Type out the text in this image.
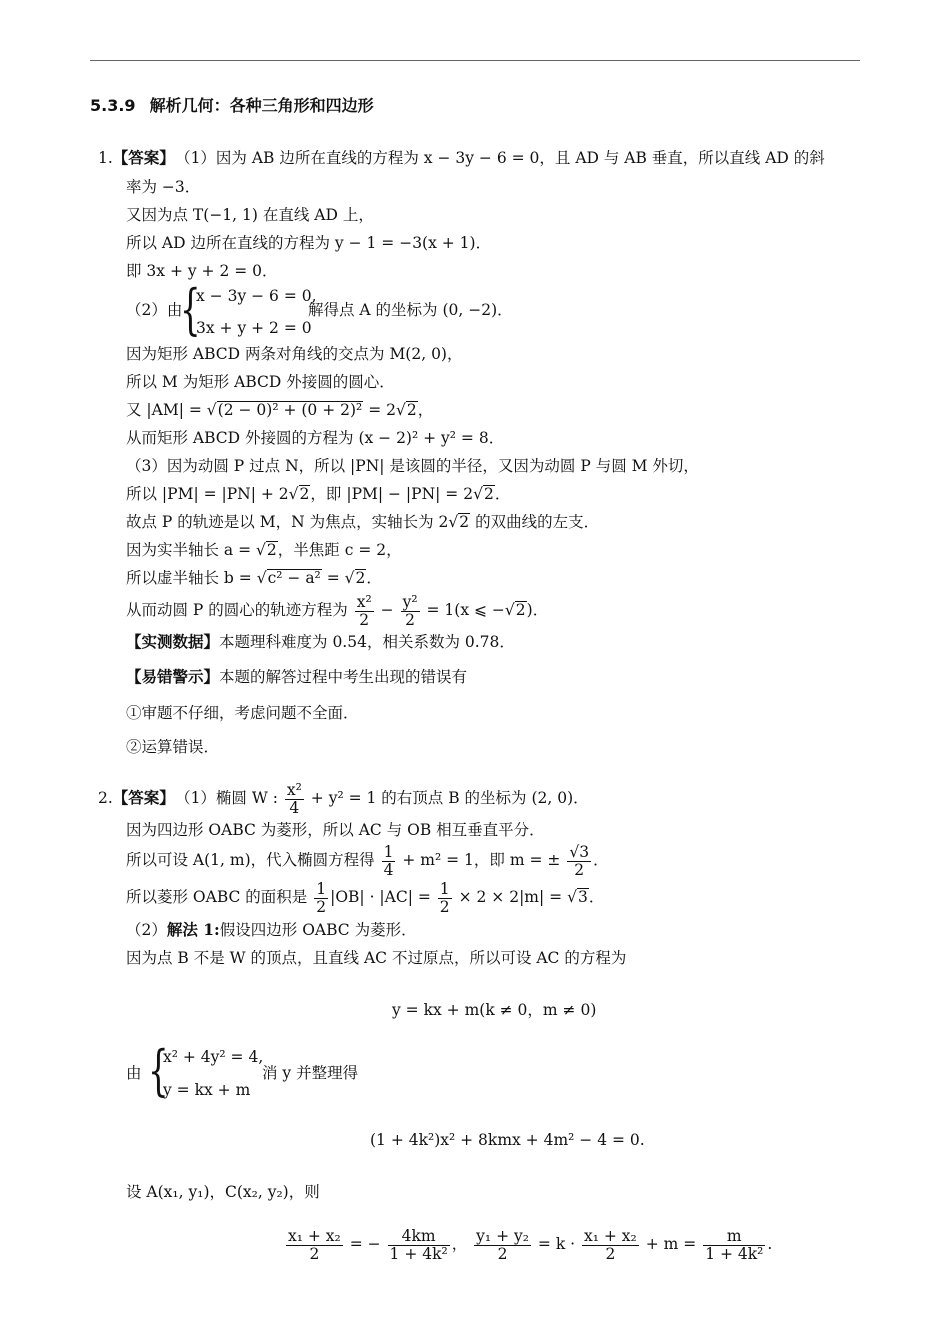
5.3.9 解析几何：各种三角形和四边形
1.【答案】 （1）因为 AB 边所在直线的方程为 x − 3y − 6 = 0，且 AD 与 AB 垂直，所以直线 AD 的斜
率为 −3．
又因为点 T(−1, 1) 在直线 AD 上，
所以 AD 边所在直线的方程为 y − 1 = −3(x + 1)．
即 3x + y + 2 = 0．
（2）由
{
x − 3y − 6 = 0,
3x + y + 2 = 0
解得点 A 的坐标为 (0, −2)．
因为矩形 ABCD 两条对角线的交点为 M(2, 0)，
所以 M 为矩形 ABCD 外接圆的圆心．
又 |AM| = √(2 − 0)² + (0 + 2)² = 2√2，
从而矩形 ABCD 外接圆的方程为 (x − 2)² + y² = 8．
（3）因为动圆 P 过点 N，所以 |PN| 是该圆的半径，又因为动圆 P 与圆 M 外切，
所以 |PM| = |PN| + 2√2，即 |PM| − |PN| = 2√2．
故点 P 的轨迹是以 M，N 为焦点，实轴长为 2√2 的双曲线的左支．
因为实半轴长 a = √2，半焦距 c = 2，
所以虚半轴长 b = √c² − a² = √2．
从而动圆 P 的圆心的轨迹方程为 $\frac{\text{x²}}{2} - \frac{\text{y²}}{2} = 1(x$ ⩽ −√2)．
【实测数据】本题理科难度为 0.54，相关系数为 0.78．
【易错警示】本题的解答过程中考生出现的错误有
①审题不仔细，考虑问题不全面．
②运算错误．
2.【答案】 （1）椭圆 W : $\frac{\text{x²}}{4} + y^2 = 1$ 的右顶点 B 的坐标为 (2, 0)．
因为四边形 OABC 为菱形，所以 AC 与 OB 相互垂直平分．
所以可设 A(1, m)，代入椭圆方程得 $\frac{1}{4} + m^2 = 1$，即 m = ± $\frac{√3}{2}$ ．
所以菱形 OABC 的面积是 $\frac{1}{2} |OB| \cdot |AC| = \frac{1}{2} \times 2 \times 2|m| = √3$．
（2）解法 1:假设四边形 OABC 为菱形．
因为点 B 不是 W 的顶点，且直线 AC 不过原点，所以可设 AC 的方程为
y = kx + m(k ≠ 0，m ≠ 0)
由 {
x² + 4y² = 4,
y = kx + m
消 y 并整理得
(1 + 4k²)x² + 8kmx + 4m² − 4 = 0.
设 A(x₁, y₁)，C(x₂, y₂)，则
$\frac{\text{x₁ + x₂}}{2}$ = − $\frac{4km}{\text{1 + 4k²}}$ ， $\frac{\text{y₁ + y₂}}{2} = k \cdot \frac{\text{x₁ + x₂}}{2} + m = \frac{m}{\text{1 + 4k²}}$ .
